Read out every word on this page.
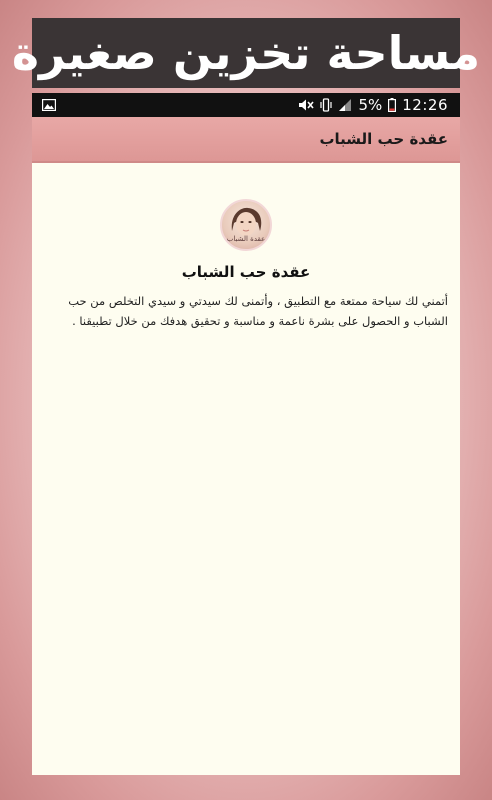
مساحة تخزين صغيرة
5% 12:26
عقدة حب الشباب
عقدة الشباب
عقدة حب الشباب
أتمني لك سياحة ممتعة مع التطبيق ، وأتمنى لك سيدتي و سيدي التخلص من حب الشباب و الحصول على بشرة ناعمة و مناسبة و تحقيق هدفك من خلال تطبيقنا .
